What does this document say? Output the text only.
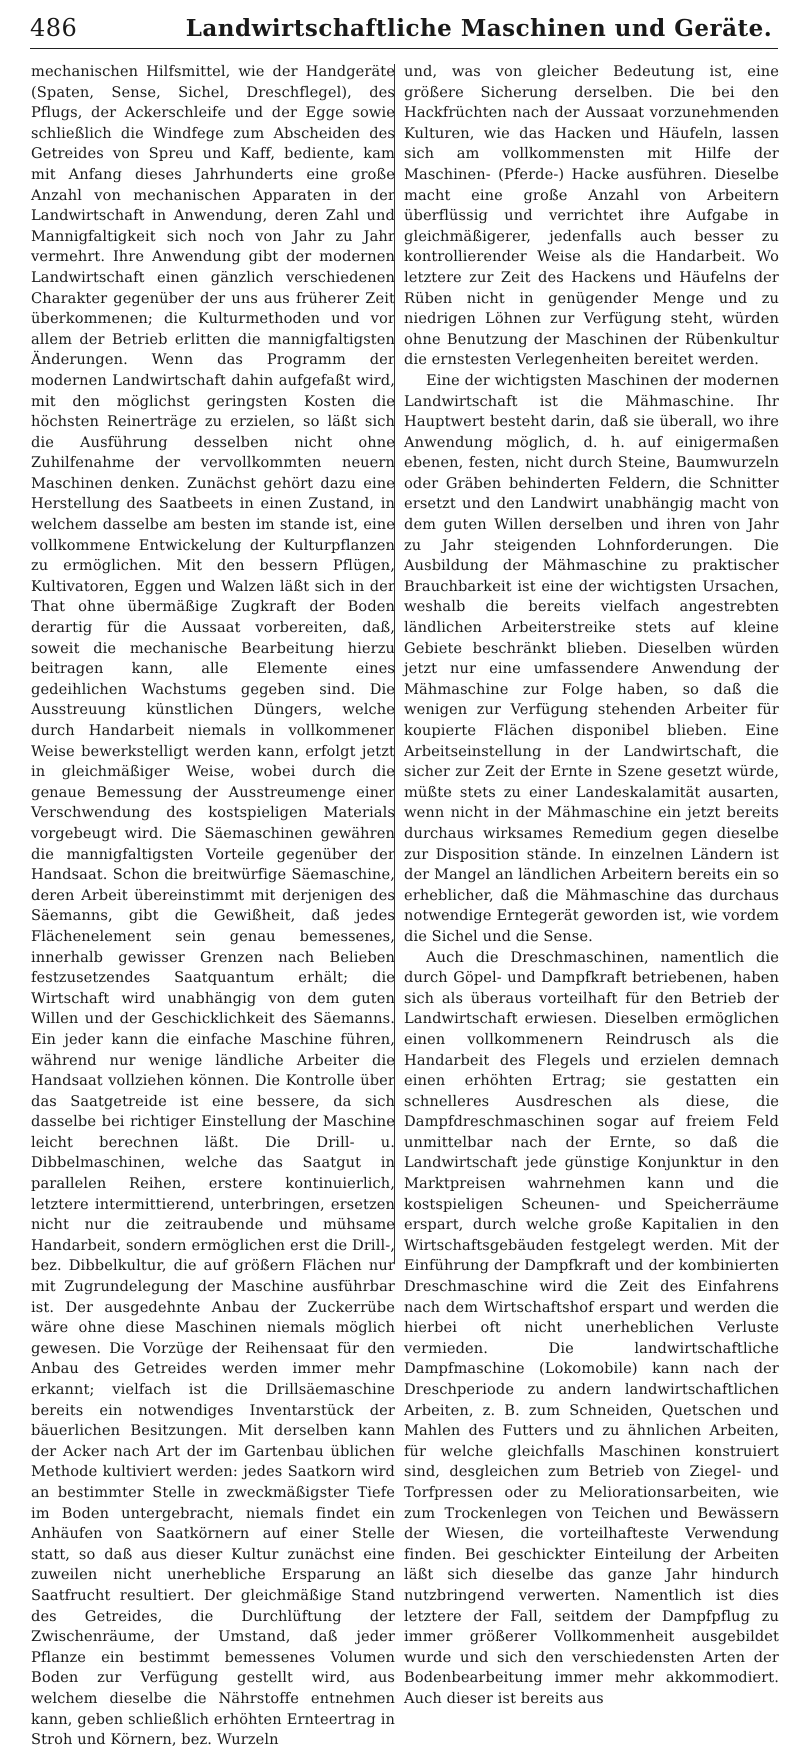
486	Landwirtschaftliche Maschinen und Geräte.

mechanischen Hilfsmittel, wie der Handgeräte (Spaten, Sense, Sichel, Dreschflegel), des Pflugs, der Ackerschleife und der Egge sowie schließlich die Windfege zum Abscheiden des Getreides von Spreu und Kaff, bediente, kam mit Anfang dieses Jahrhunderts eine große Anzahl von mechanischen Apparaten in der Landwirtschaft in Anwendung, deren Zahl und Mannigfaltigkeit sich noch von Jahr zu Jahr vermehrt. Ihre Anwendung gibt der modernen Landwirtschaft einen gänzlich verschiedenen Charakter gegenüber der uns aus früherer Zeit überkommenen; die Kulturmethoden und vor allem der Betrieb erlitten die mannigfaltigsten Änderungen. Wenn das Programm der modernen Landwirtschaft dahin aufgefaßt wird, mit den möglichst geringsten Kosten die höchsten Reinerträge zu erzielen, so läßt sich die Ausführung desselben nicht ohne Zuhilfenahme der vervollkommten neuern Maschinen denken. Zunächst gehört dazu eine Herstellung des Saatbeets in einen Zustand, in welchem dasselbe am besten im stande ist, eine vollkommene Entwickelung der Kulturpflanzen zu ermöglichen. Mit den bessern Pflügen, Kultivatoren, Eggen und Walzen läßt sich in der That ohne übermäßige Zugkraft der Boden derartig für die Aussaat vorbereiten, daß, soweit die mechanische Bearbeitung hierzu beitragen kann, alle Elemente eines gedeihlichen Wachstums gegeben sind. Die Ausstreuung künstlichen Düngers, welche durch Handarbeit niemals in vollkommener Weise bewerkstelligt werden kann, erfolgt jetzt in gleichmäßiger Weise, wobei durch die genaue Bemessung der Ausstreumenge einer Verschwendung des kostspieligen Materials vorgebeugt wird. Die Säemaschinen gewähren die mannigfaltigsten Vorteile gegenüber der Handsaat. Schon die breitwürfige Säemaschine, deren Arbeit übereinstimmt mit derjenigen des Säemanns, gibt die Gewißheit, daß jedes Flächenelement sein genau bemessenes, innerhalb gewisser Grenzen nach Belieben festzusetzendes Saatquantum erhält; die Wirtschaft wird unabhängig von dem guten Willen und der Geschicklichkeit des Säemanns. Ein jeder kann die einfache Maschine führen, während nur wenige ländliche Arbeiter die Handsaat vollziehen können. Die Kontrolle über das Saatgetreide ist eine bessere, da sich dasselbe bei richtiger Einstellung der Maschine leicht berechnen läßt. Die Drill- u. Dibbelmaschinen, welche das Saatgut in parallelen Reihen, erstere kontinuierlich, letztere intermittierend, unterbringen, ersetzen nicht nur die zeitraubende und mühsame Handarbeit, sondern ermöglichen erst die Drill-, bez. Dibbelkultur, die auf größern Flächen nur mit Zugrundelegung der Maschine ausführbar ist. Der ausgedehnte Anbau der Zuckerrübe wäre ohne diese Maschinen niemals möglich gewesen. Die Vorzüge der Reihensaat für den Anbau des Getreides werden immer mehr erkannt; vielfach ist die Drillsäemaschine bereits ein notwendiges Inventarstück der bäuerlichen Besitzungen. Mit derselben kann der Acker nach Art der im Gartenbau üblichen Methode kultiviert werden: jedes Saatkorn wird an bestimmter Stelle in zweckmäßigster Tiefe im Boden untergebracht, niemals findet ein Anhäufen von Saatkörnern auf einer Stelle statt, so daß aus dieser Kultur zunächst eine zuweilen nicht unerhebliche Ersparung an Saatfrucht resultiert. Der gleichmäßige Stand des Getreides, die Durchlüftung der Zwischenräume, der Umstand, daß jeder Pflanze ein bestimmt bemessenes Volumen Boden zur Verfügung gestellt wird, aus welchem dieselbe die Nährstoffe entnehmen kann, geben schließlich erhöhten Ernteertrag in Stroh und Körnern, bez. Wurzeln

und, was von gleicher Bedeutung ist, eine größere Sicherung derselben. Die bei den Hackfrüchten nach der Aussaat vorzunehmenden Kulturen, wie das Hacken und Häufeln, lassen sich am vollkommensten mit Hilfe der Maschinen- (Pferde-) Hacke ausführen. Dieselbe macht eine große Anzahl von Arbeitern überflüssig und verrichtet ihre Aufgabe in gleichmäßigerer, jedenfalls auch besser zu kontrollierender Weise als die Handarbeit. Wo letztere zur Zeit des Hackens und Häufelns der Rüben nicht in genügender Menge und zu niedrigen Löhnen zur Verfügung steht, würden ohne Benutzung der Maschinen der Rübenkultur die ernstesten Verlegenheiten bereitet werden.

Eine der wichtigsten Maschinen der modernen Landwirtschaft ist die Mähmaschine. Ihr Hauptwert besteht darin, daß sie überall, wo ihre Anwendung möglich, d. h. auf einigermaßen ebenen, festen, nicht durch Steine, Baumwurzeln oder Gräben behinderten Feldern, die Schnitter ersetzt und den Landwirt unabhängig macht von dem guten Willen derselben und ihren von Jahr zu Jahr steigenden Lohnforderungen. Die Ausbildung der Mähmaschine zu praktischer Brauchbarkeit ist eine der wichtigsten Ursachen, weshalb die bereits vielfach angestrebten ländlichen Arbeiterstreike stets auf kleine Gebiete beschränkt blieben. Dieselben würden jetzt nur eine umfassendere Anwendung der Mähmaschine zur Folge haben, so daß die wenigen zur Verfügung stehenden Arbeiter für koupierte Flächen disponibel blieben. Eine Arbeitseinstellung in der Landwirtschaft, die sicher zur Zeit der Ernte in Szene gesetzt würde, müßte stets zu einer Landeskalamität ausarten, wenn nicht in der Mähmaschine ein jetzt bereits durchaus wirksames Remedium gegen dieselbe zur Disposition stände. In einzelnen Ländern ist der Mangel an ländlichen Arbeitern bereits ein so erheblicher, daß die Mähmaschine das durchaus notwendige Erntegerät geworden ist, wie vordem die Sichel und die Sense.

Auch die Dreschmaschinen, namentlich die durch Göpel- und Dampfkraft betriebenen, haben sich als überaus vorteilhaft für den Betrieb der Landwirtschaft erwiesen. Dieselben ermöglichen einen vollkommenern Reindrusch als die Handarbeit des Flegels und erzielen demnach einen erhöhten Ertrag; sie gestatten ein schnelleres Ausdreschen als diese, die Dampfdreschmaschinen sogar auf freiem Feld unmittelbar nach der Ernte, so daß die Landwirtschaft jede günstige Konjunktur in den Marktpreisen wahrnehmen kann und die kostspieligen Scheunen- und Speicherräume erspart, durch welche große Kapitalien in den Wirtschaftsgebäuden festgelegt werden. Mit der Einführung der Dampfkraft und der kombinierten Dreschmaschine wird die Zeit des Einfahrens nach dem Wirtschaftshof erspart und werden die hierbei oft nicht unerheblichen Verluste vermieden. Die landwirtschaftliche Dampfmaschine (Lokomobile) kann nach der Dreschperiode zu andern landwirtschaftlichen Arbeiten, z. B. zum Schneiden, Quetschen und Mahlen des Futters und zu ähnlichen Arbeiten, für welche gleichfalls Maschinen konstruiert sind, desgleichen zum Betrieb von Ziegel- und Torfpressen oder zu Meliorationsarbeiten, wie zum Trockenlegen von Teichen und Bewässern der Wiesen, die vorteilhafteste Verwendung finden. Bei geschickter Einteilung der Arbeiten läßt sich dieselbe das ganze Jahr hindurch nutzbringend verwerten. Namentlich ist dies letztere der Fall, seitdem der Dampfpflug zu immer größerer Vollkommenheit ausgebildet wurde und sich den verschiedensten Arten der Bodenbearbeitung immer mehr akkommodiert. Auch dieser ist bereits aus
